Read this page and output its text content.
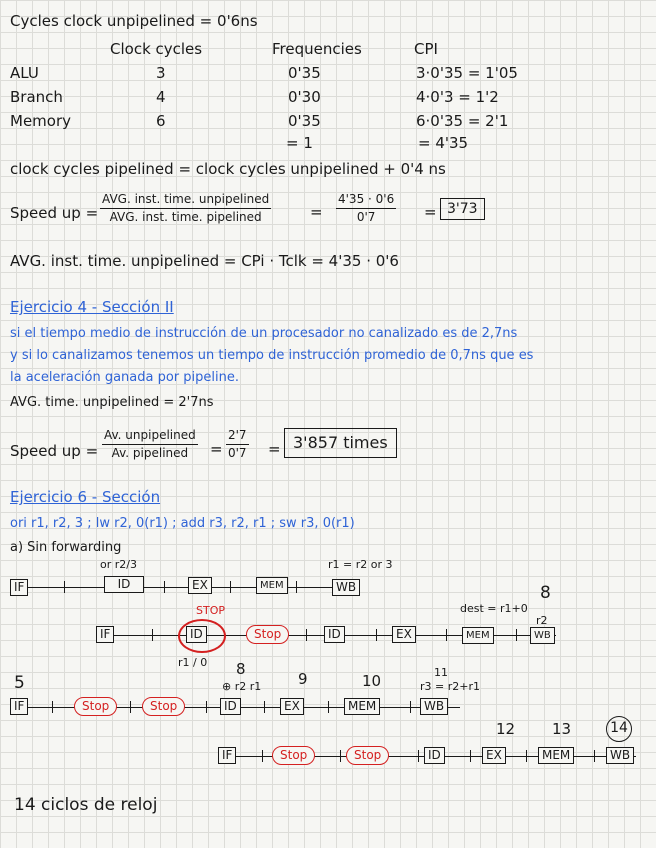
Cycles clock unpipelined = 0'6ns
Clock cycles	Frequencies	CPI
ALU	3	0'35	3·0'35 = 1'05
Branch	4	0'30	4·0'3 = 1'2
Memory	6	0'35	6·0'35 = 2'1
= 1	= 4'35
clock cycles pipelined = clock cycles unpipelined + 0'4 ns
Speed up =
AVG. inst. time. unpipelined
AVG. inst. time. pipelined	= $\frac{4'35 \cdot 0'6}{0'7} = 3'73$
AVG. inst. time. unpipelined = CPi · Tclk = 4'35 · 0'6
Ejercicio 4 - Sección II
si el tiempo medio de instrucción de un procesador no canalizado es de 2,7ns
y si lo canalizamos tenemos un tiempo de instrucción promedio de 0,7ns que es
la aceleración ganada por pipeline.
AVG. time. unpipelined = 2'7ns
Speed up =
Av. unpipelined
Av. pipelined	= $\frac{2'7}{0'7} = 3'857$ times
Ejercicio 6 - Sección
ori r1, r2, 3 ; lw r2, 0(r1) ; add r3, r2, r1 ; sw r3, 0(r1)
a) Sin forwarding
or r2/3	r1 = r2 or 3
IF	ID	EX	MEM	WB
STOP	dest = r1+0
8
r2
IF	ID	Stop	ID	EX	MEM	WB
r1 / 0
5
8
⊕ r2 r1 9	10	11
r3 = r2+r1
IF	Stop	Stop	ID	EX	MEM	WB
12 13	14
IF	Stop	Stop	ID	EX	MEM	WB
14 ciclos de reloj
